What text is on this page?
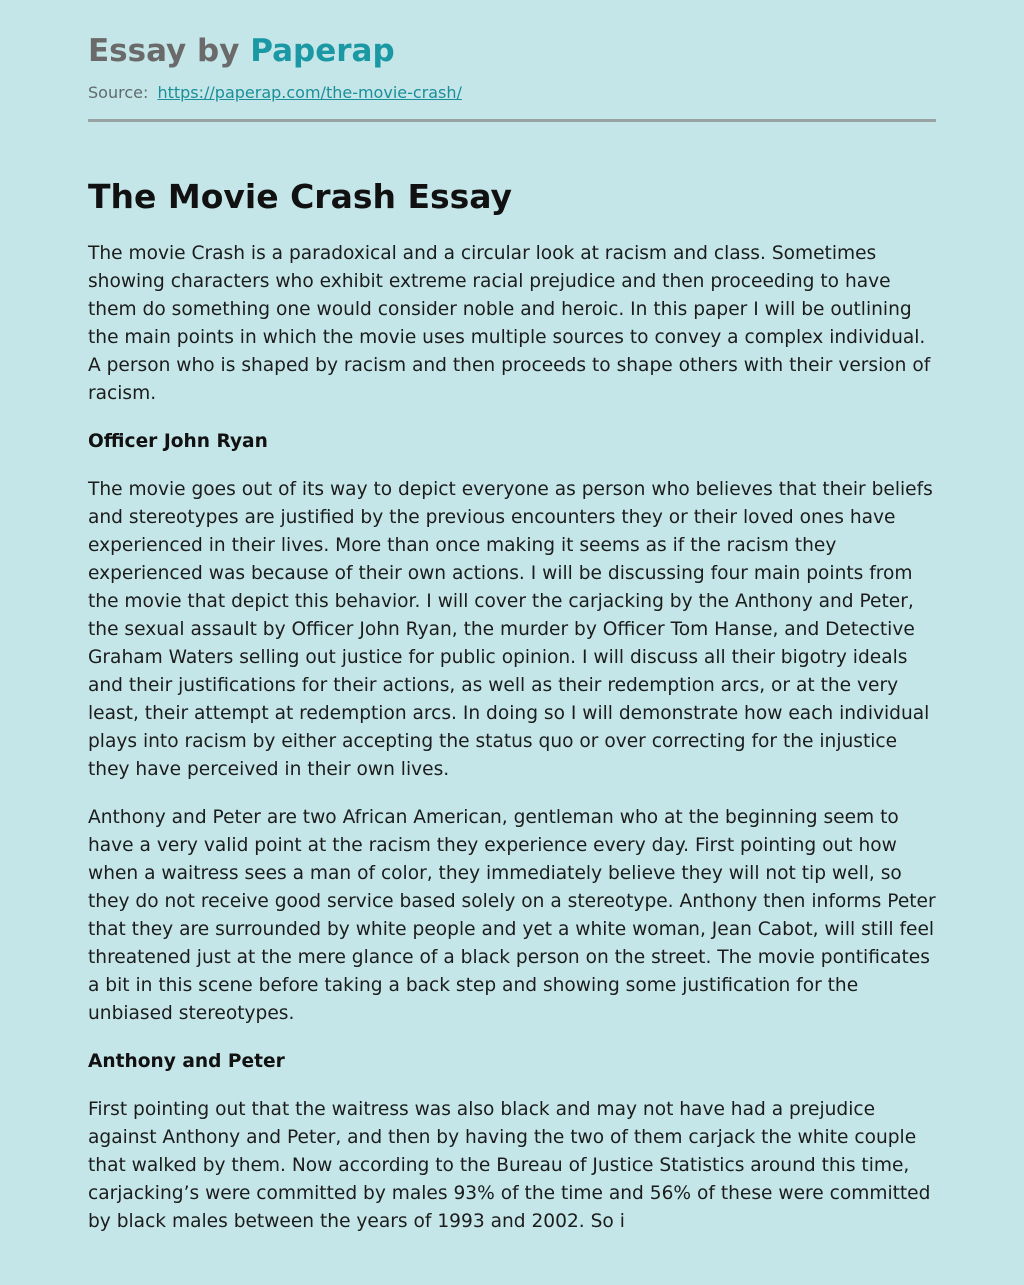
Essay by Paperap
Source: https://paperap.com/the-movie-crash/
The Movie Crash Essay

The movie Crash is a paradoxical and a circular look at racism and class. Sometimes showing characters who exhibit extreme racial prejudice and then proceeding to have them do something one would consider noble and heroic. In this paper I will be outlining the main points in which the movie uses multiple sources to convey a complex individual. A person who is shaped by racism and then proceeds to shape others with their version of racism.

Officer John Ryan

The movie goes out of its way to depict everyone as person who believes that their beliefs and stereotypes are justified by the previous encounters they or their loved ones have experienced in their lives. More than once making it seems as if the racism they experienced was because of their own actions. I will be discussing four main points from the movie that depict this behavior. I will cover the carjacking by the Anthony and Peter, the sexual assault by Officer John Ryan, the murder by Officer Tom Hanse, and Detective Graham Waters selling out justice for public opinion. I will discuss all their bigotry ideals and their justifications for their actions, as well as their redemption arcs, or at the very least, their attempt at redemption arcs. In doing so I will demonstrate how each individual plays into racism by either accepting the status quo or over correcting for the injustice they have perceived in their own lives.

Anthony and Peter are two African American, gentleman who at the beginning seem to have a very valid point at the racism they experience every day. First pointing out how when a waitress sees a man of color, they immediately believe they will not tip well, so they do not receive good service based solely on a stereotype. Anthony then informs Peter that they are surrounded by white people and yet a white woman, Jean Cabot, will still feel threatened just at the mere glance of a black person on the street. The movie pontificates a bit in this scene before taking a back step and showing some justification for the unbiased stereotypes.

Anthony and Peter

First pointing out that the waitress was also black and may not have had a prejudice against Anthony and Peter, and then by having the two of them carjack the white couple that walked by them. Now according to the Bureau of Justice Statistics around this time, carjacking’s were committed by males 93% of the time and 56% of these were committed by black males between the years of 1993 and 2002. So i
